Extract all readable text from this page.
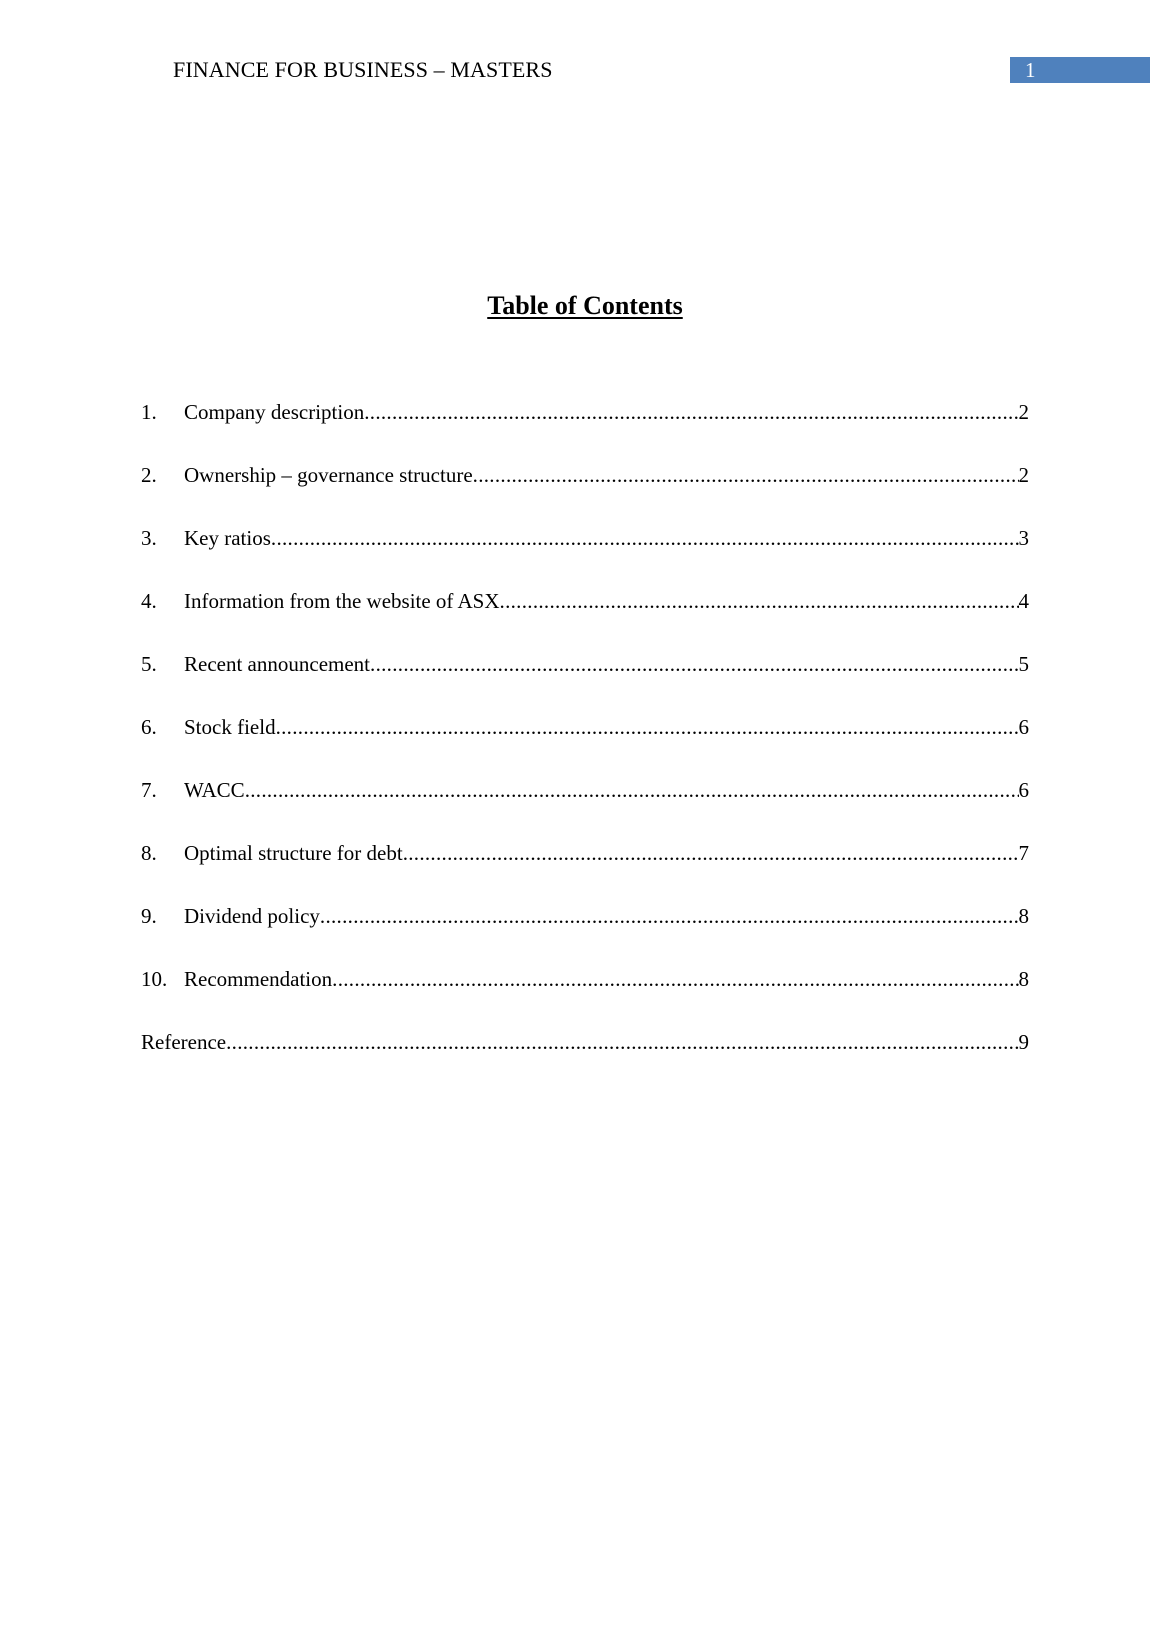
FINANCE FOR BUSINESS – MASTERS	1
Table of Contents
1.	Company description .....	2
2.	Ownership – governance structure .....	2
3.	Key ratios .....	3
4.	Information from the website of ASX .....	4
5.	Recent announcement .....	5
6.	Stock field .....	6
7.	WACC .....	6
8.	Optimal structure for debt .....	7
9.	Dividend policy .....	8
10. Recommendation .....	8
Reference .....	9
